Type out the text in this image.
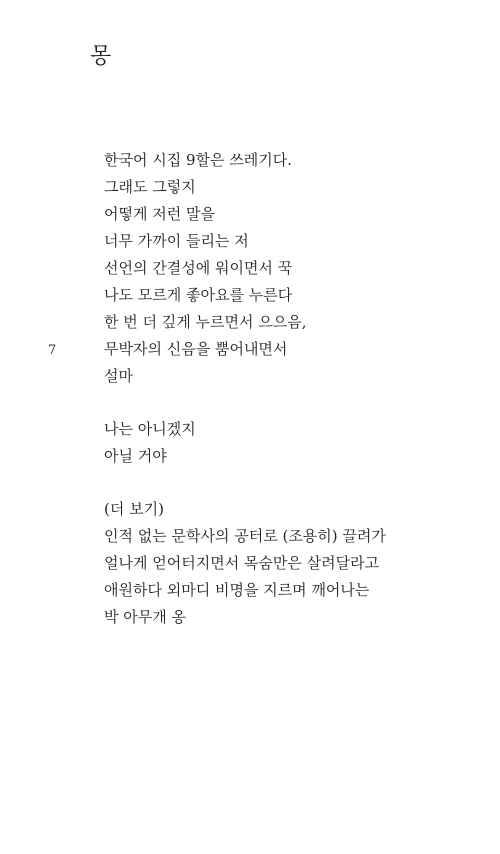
몽
7
한국어 시집 9할은 쓰레기다.
그래도 그렇지
어떻게 저런 말을
너무 가까이 들리는 저
선언의 간결성에 워이면서 꾹
나도 모르게 좋아요를 누른다
한 번 더 깊게 누르면서 으으음,
무박자의 신음을 뿜어내면서
설마
나는 아니겠지
아닐 거야
(더 보기)
인적 없는 문학사의 공터로 (조용히) 끌려가
얼나게 얻어터지면서 목숨만은 살려달라고
애원하다 외마디 비명을 지르며 깨어나는
박 아무개 옹
